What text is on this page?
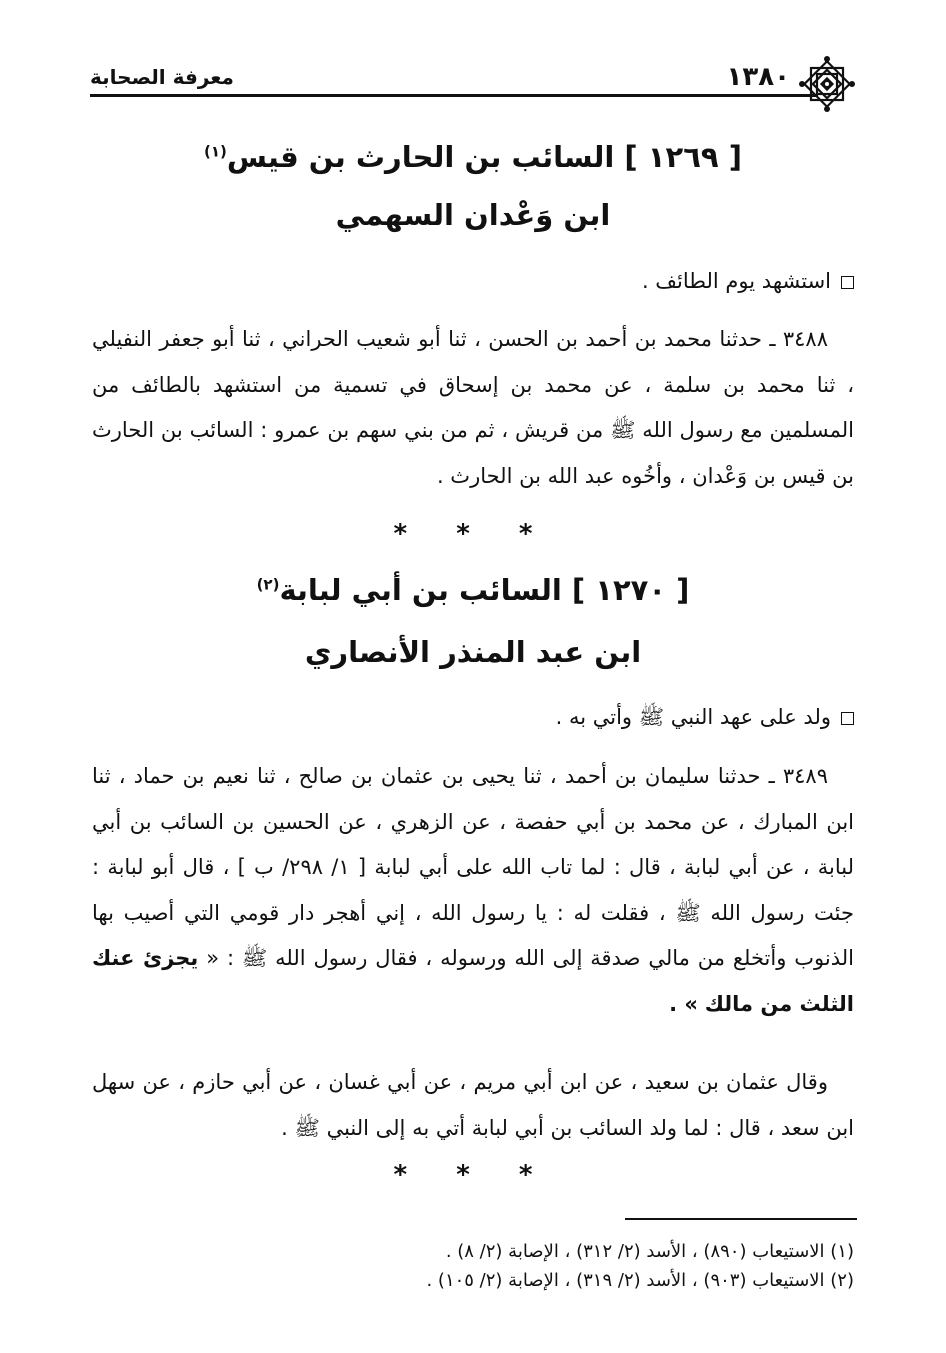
معرفة الصحابة	١٣٨٠
[ ١٢٦٩ ] السائب بن الحارث بن قيس$^{(١)}$
ابن وَعْدان السهمي
استشهد يوم الطائف .
٣٤٨٨ ـ حدثنا محمد بن أحمد بن الحسن ، ثنا أبو شعيب الحراني ، ثنا أبو جعفر النفيلي ، ثنا محمد بن سلمة ، عن محمد بن إسحاق في تسمية من استشهد بالطائف من المسلمين مع رسول الله ﷺ من قريش ، ثم من بني سهم بن عمرو : السائب بن الحارث بن قيس بن وَعْدان ، وأخُوه عبد الله بن الحارث .
* * *
[ ١٢٧٠ ] السائب بن أبي لبابة$^{(٢)}$
ابن عبد المنذر الأنصاري
ولد على عهد النبي ﷺ وأتي به .
٣٤٨٩ ـ حدثنا سليمان بن أحمد ، ثنا يحيى بن عثمان بن صالح ، ثنا نعيم بن حماد ، ثنا ابن المبارك ، عن محمد بن أبي حفصة ، عن الزهري ، عن الحسين بن السائب بن أبي لبابة ، عن أبي لبابة ، قال : لما تاب الله على أبي لبابة [ ١/ ٢٩٨/ ب ] ، قال أبو لبابة : جئت رسول الله ﷺ ، فقلت له : يا رسول الله ، إني أهجر دار قومي التي أصيب بها الذنوب وأتخلع من مالي صدقة إلى الله ورسوله ، فقال رسول الله ﷺ : « يجزئ عنك الثلث من مالك » .
وقال عثمان بن سعيد ، عن ابن أبي مريم ، عن أبي غسان ، عن أبي حازم ، عن سهل ابن سعد ، قال : لما ولد السائب بن أبي لبابة أتي به إلى النبي ﷺ .
* * *
(١) الاستيعاب (٨٩٠) ، الأسد (٢/ ٣١٢) ، الإصابة (٢/ ٨) .
(٢) الاستيعاب (٩٠٣) ، الأسد (٢/ ٣١٩) ، الإصابة (٢/ ١٠٥) .
